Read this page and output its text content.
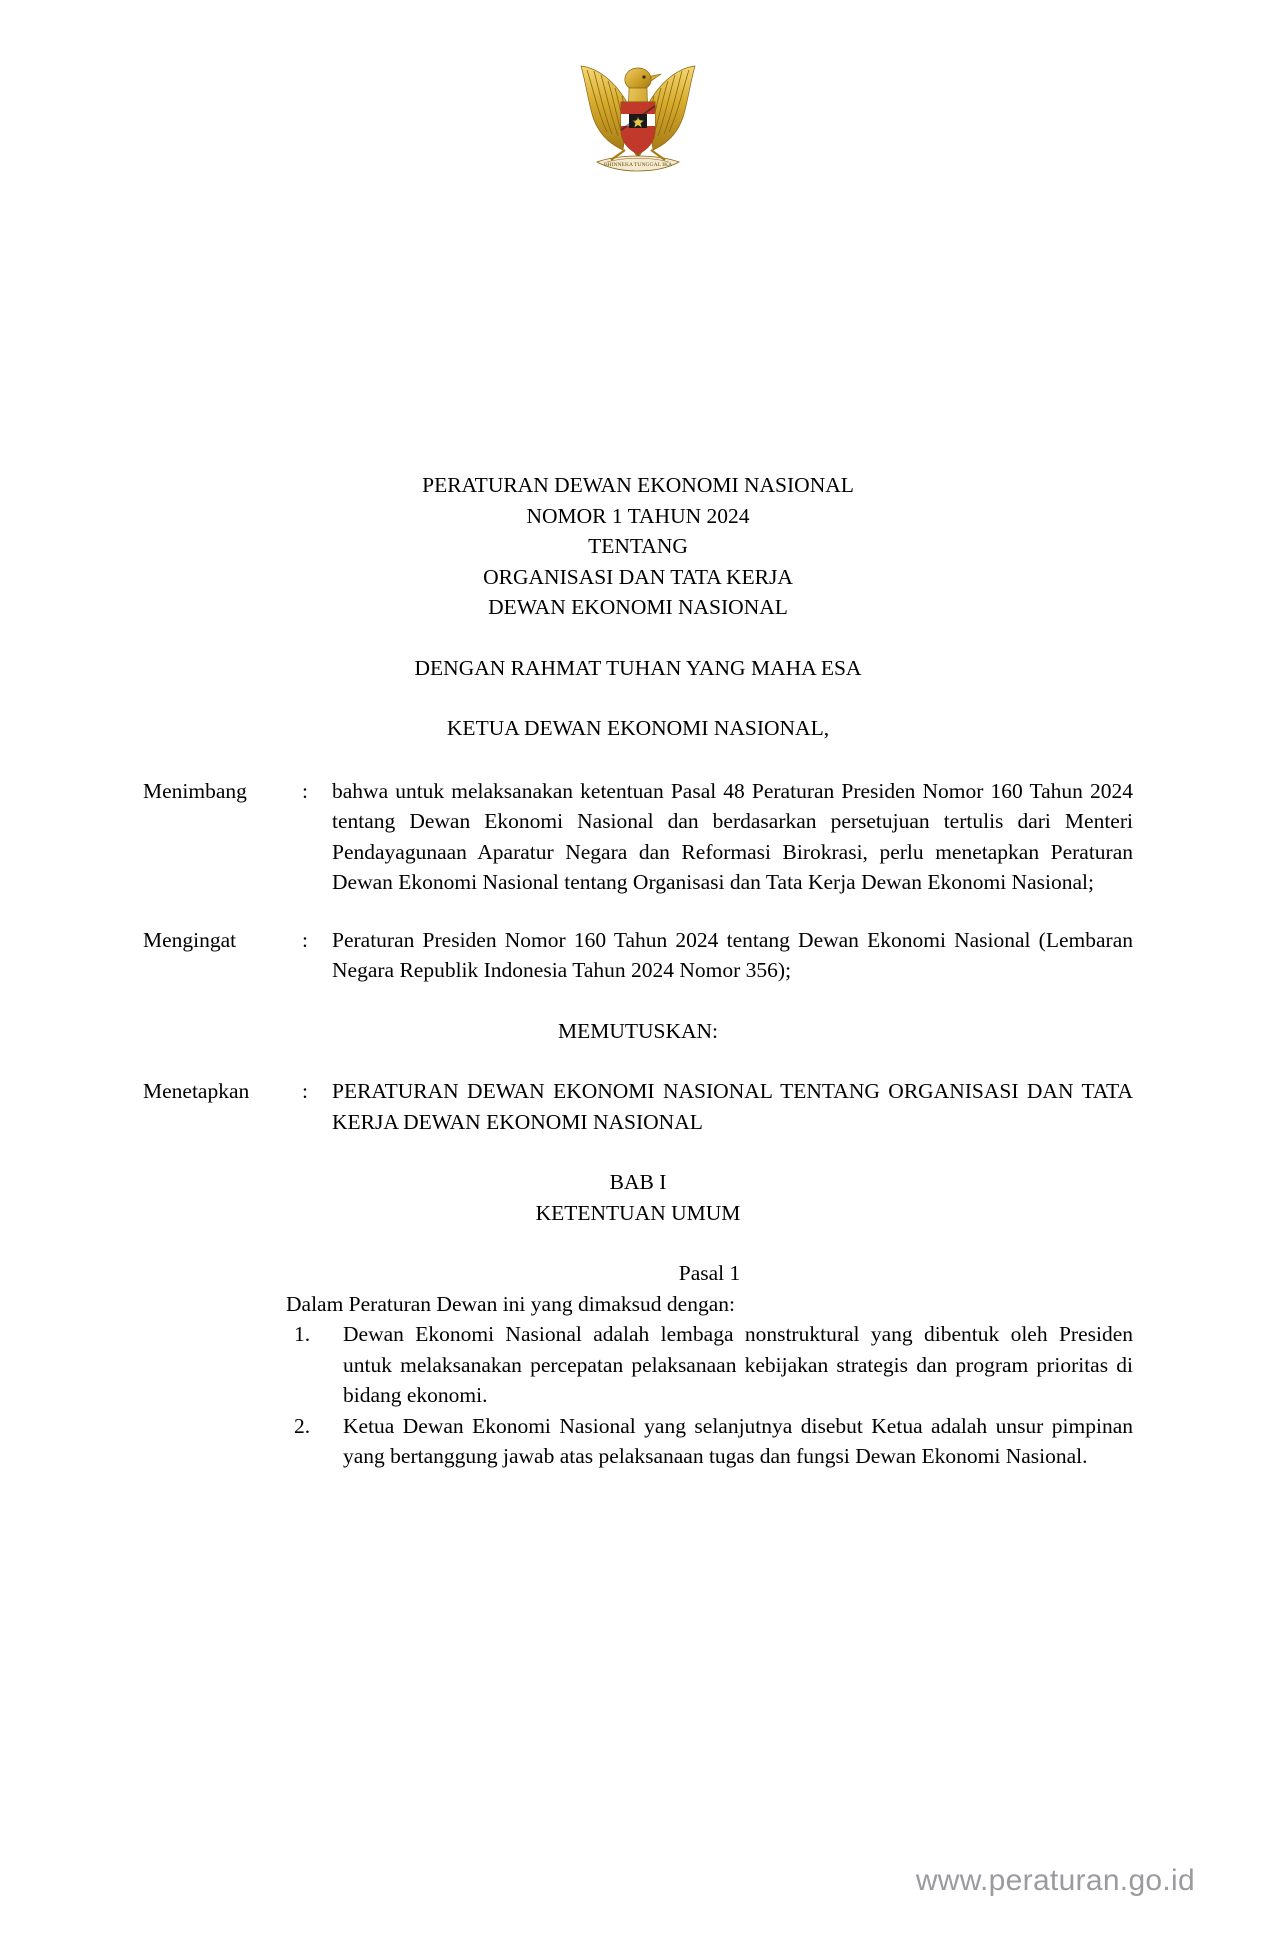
BHINNEKA TUNGGAL IKA
PERATURAN DEWAN EKONOMI NASIONAL
NOMOR 1 TAHUN 2024
TENTANG
ORGANISASI DAN TATA KERJA
DEWAN EKONOMI NASIONAL
DENGAN RAHMAT TUHAN YANG MAHA ESA
KETUA DEWAN EKONOMI NASIONAL,
Menimbang	:	bahwa untuk melaksanakan ketentuan Pasal 48 Peraturan Presiden Nomor 160 Tahun 2024 tentang Dewan Ekonomi Nasional dan berdasarkan persetujuan tertulis dari Menteri Pendayagunaan Aparatur Negara dan Reformasi Birokrasi, perlu menetapkan Peraturan Dewan Ekonomi Nasional tentang Organisasi dan Tata Kerja Dewan Ekonomi Nasional;
Mengingat	:	Peraturan Presiden Nomor 160 Tahun 2024 tentang Dewan Ekonomi Nasional (Lembaran Negara Republik Indonesia Tahun 2024 Nomor 356);
MEMUTUSKAN:
Menetapkan	:	PERATURAN DEWAN EKONOMI NASIONAL TENTANG ORGANISASI DAN TATA KERJA DEWAN EKONOMI NASIONAL
BAB I
KETENTUAN UMUM
Pasal 1
Dalam Peraturan Dewan ini yang dimaksud dengan:
1.	Dewan Ekonomi Nasional adalah lembaga nonstruktural yang dibentuk oleh Presiden untuk melaksanakan percepatan pelaksanaan kebijakan strategis dan program prioritas di bidang ekonomi.
2.	Ketua Dewan Ekonomi Nasional yang selanjutnya disebut Ketua adalah unsur pimpinan yang bertanggung jawab atas pelaksanaan tugas dan fungsi Dewan Ekonomi Nasional.
www.peraturan.go.id
